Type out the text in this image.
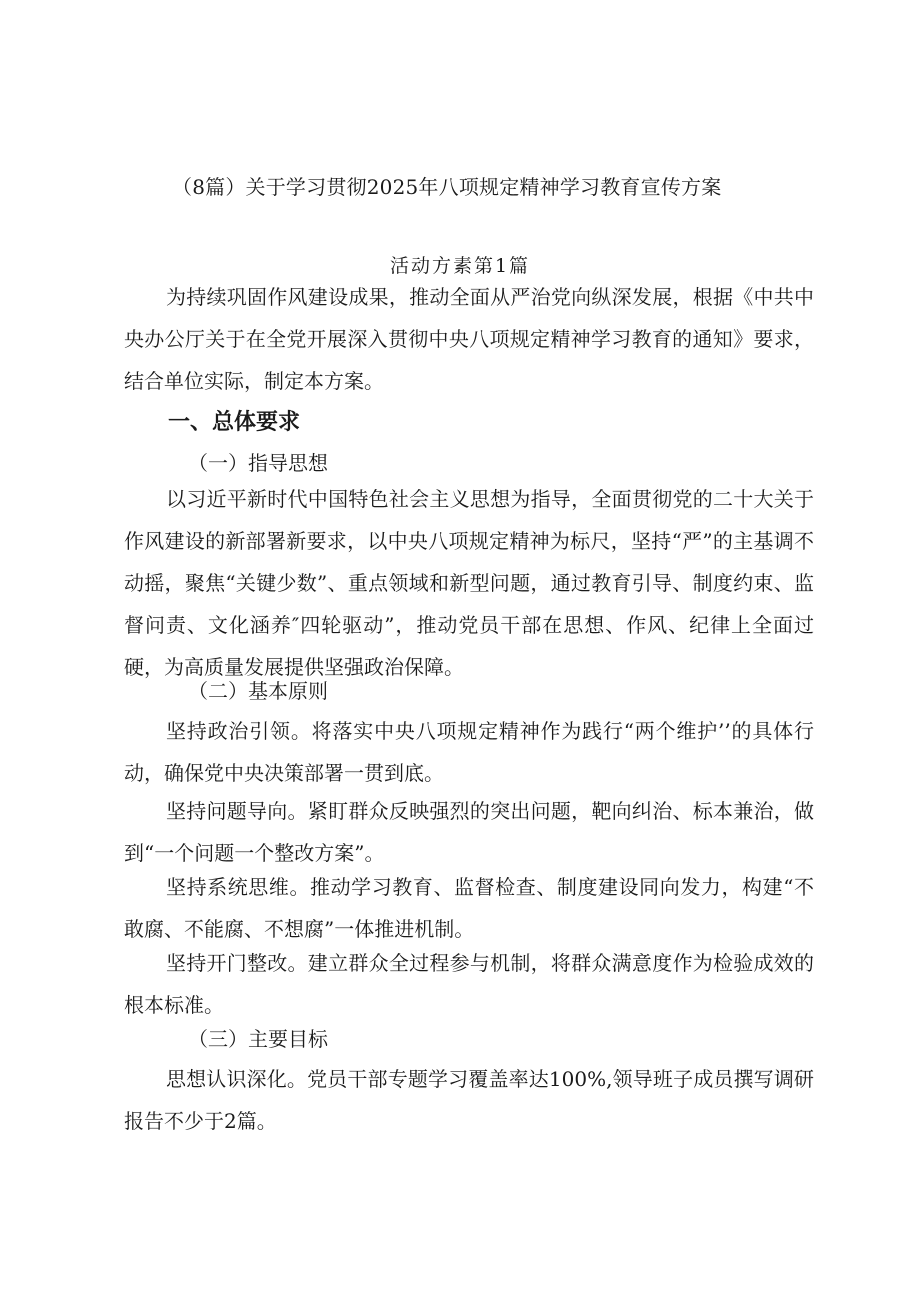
（8篇）关于学习贯彻2025年八项规定精神学习教育宣传方案
活动方素第1篇

为持续巩固作风建设成果，推动全面从严治党向纵深发展，根据《中共中央办公厅关于在全党开展深入贯彻中央八项规定精神学习教育的通知》要求，结合单位实际，制定本方案。

一、总体要求
（一）指导思想

以习近平新时代中国特色社会主义思想为指导，全面贯彻党的二十大关于作风建设的新部署新要求，以中央八项规定精神为标尺，坚持“严”的主基调不动摇，聚焦“关键少数”、重点领域和新型问题，通过教育引导、制度约束、监督问责、文化涵养″四轮驱动”，推动党员干部在思想、作风、纪律上全面过硬，为高质量发展提供坚强政治保障。

（二）基本原则

坚持政治引领。将落实中央八项规定精神作为践行“两个维护’’的具体行动，确保党中央决策部署一贯到底。

坚持问题导向。紧盯群众反映强烈的突出问题，靶向纠治、标本兼治，做到“一个问题一个整改方案”。

坚持系统思维。推动学习教育、监督检查、制度建设同向发力，构建“不敢腐、不能腐、不想腐”一体推进机制。

坚持开门整改。建立群众全过程参与机制，将群众满意度作为检验成效的根本标准。

（三）主要目标

思想认识深化。党员干部专题学习覆盖率达100%,领导班子成员撰写调研报告不少于2篇。
